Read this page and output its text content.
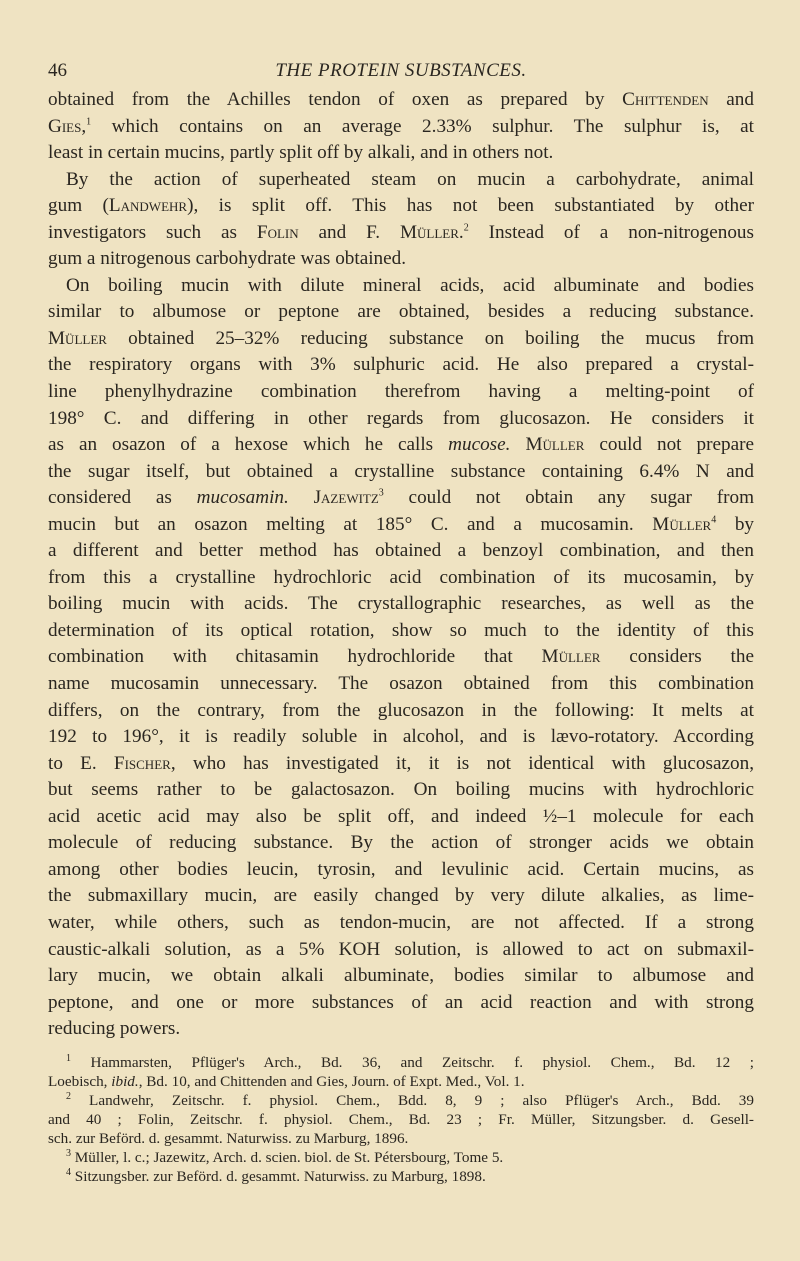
46	THE PROTEIN SUBSTANCES.
obtained from the Achilles tendon of oxen as prepared by Chittenden and
Gies,$^1$ which contains on an average 2.33% sulphur. The sulphur is, at
least in certain mucins, partly split off by alkali, and in others not.
By the action of superheated steam on mucin a carbohydrate, animal
gum (Landwehr), is split off. This has not been substantiated by other
investigators such as Folin and F. Müller.$^2$ Instead of a non-nitrogenous
gum a nitrogenous carbohydrate was obtained.
On boiling mucin with dilute mineral acids, acid albuminate and bodies
similar to albumose or peptone are obtained, besides a reducing substance.
Müller obtained 25–32% reducing substance on boiling the mucus from
the respiratory organs with 3% sulphuric acid. He also prepared a crystal-
line phenylhydrazine combination therefrom having a melting-point of
198° C. and differing in other regards from glucosazon. He considers it
as an osazon of a hexose which he calls mucose. Müller could not prepare
the sugar itself, but obtained a crystalline substance containing 6.4% N and
considered as mucosamin. Jazewitz$^3$ could not obtain any sugar from
mucin but an osazon melting at 185° C. and a mucosamin. Müller$^4$ by
a different and better method has obtained a benzoyl combination, and then
from this a crystalline hydrochloric acid combination of its mucosamin, by
boiling mucin with acids. The crystallographic researches, as well as the
determination of its optical rotation, show so much to the identity of this
combination with chitasamin hydrochloride that Müller considers the
name mucosamin unnecessary. The osazon obtained from this combination
differs, on the contrary, from the glucosazon in the following: It melts at
192 to 196°, it is readily soluble in alcohol, and is lævo-rotatory. According
to E. Fischer, who has investigated it, it is not identical with glucosazon,
but seems rather to be galactosazon. On boiling mucins with hydrochloric
acid acetic acid may also be split off, and indeed ½–1 molecule for each
molecule of reducing substance. By the action of stronger acids we obtain
among other bodies leucin, tyrosin, and levulinic acid. Certain mucins, as
the submaxillary mucin, are easily changed by very dilute alkalies, as lime-
water, while others, such as tendon-mucin, are not affected. If a strong
caustic-alkali solution, as a 5% KOH solution, is allowed to act on submaxil-
lary mucin, we obtain alkali albuminate, bodies similar to albumose and
peptone, and one or more substances of an acid reaction and with strong
reducing powers.
$^1$ Hammarsten, Pflüger's Arch., Bd. 36, and Zeitschr. f. physiol. Chem., Bd. 12 ;
Loebisch, ibid., Bd. 10, and Chittenden and Gies, Journ. of Expt. Med., Vol. 1.
$^2$ Landwehr, Zeitschr. f. physiol. Chem., Bdd. 8, 9 ; also Pflüger's Arch., Bdd. 39
and 40 ; Folin, Zeitschr. f. physiol. Chem., Bd. 23 ; Fr. Müller, Sitzungsber. d. Gesell-
sch. zur Beförd. d. gesammt. Naturwiss. zu Marburg, 1896.
$^3$ Müller, l. c.; Jazewitz, Arch. d. scien. biol. de St. Pétersbourg, Tome 5.
$^4$ Sitzungsber. zur Beförd. d. gesammt. Naturwiss. zu Marburg, 1898.
